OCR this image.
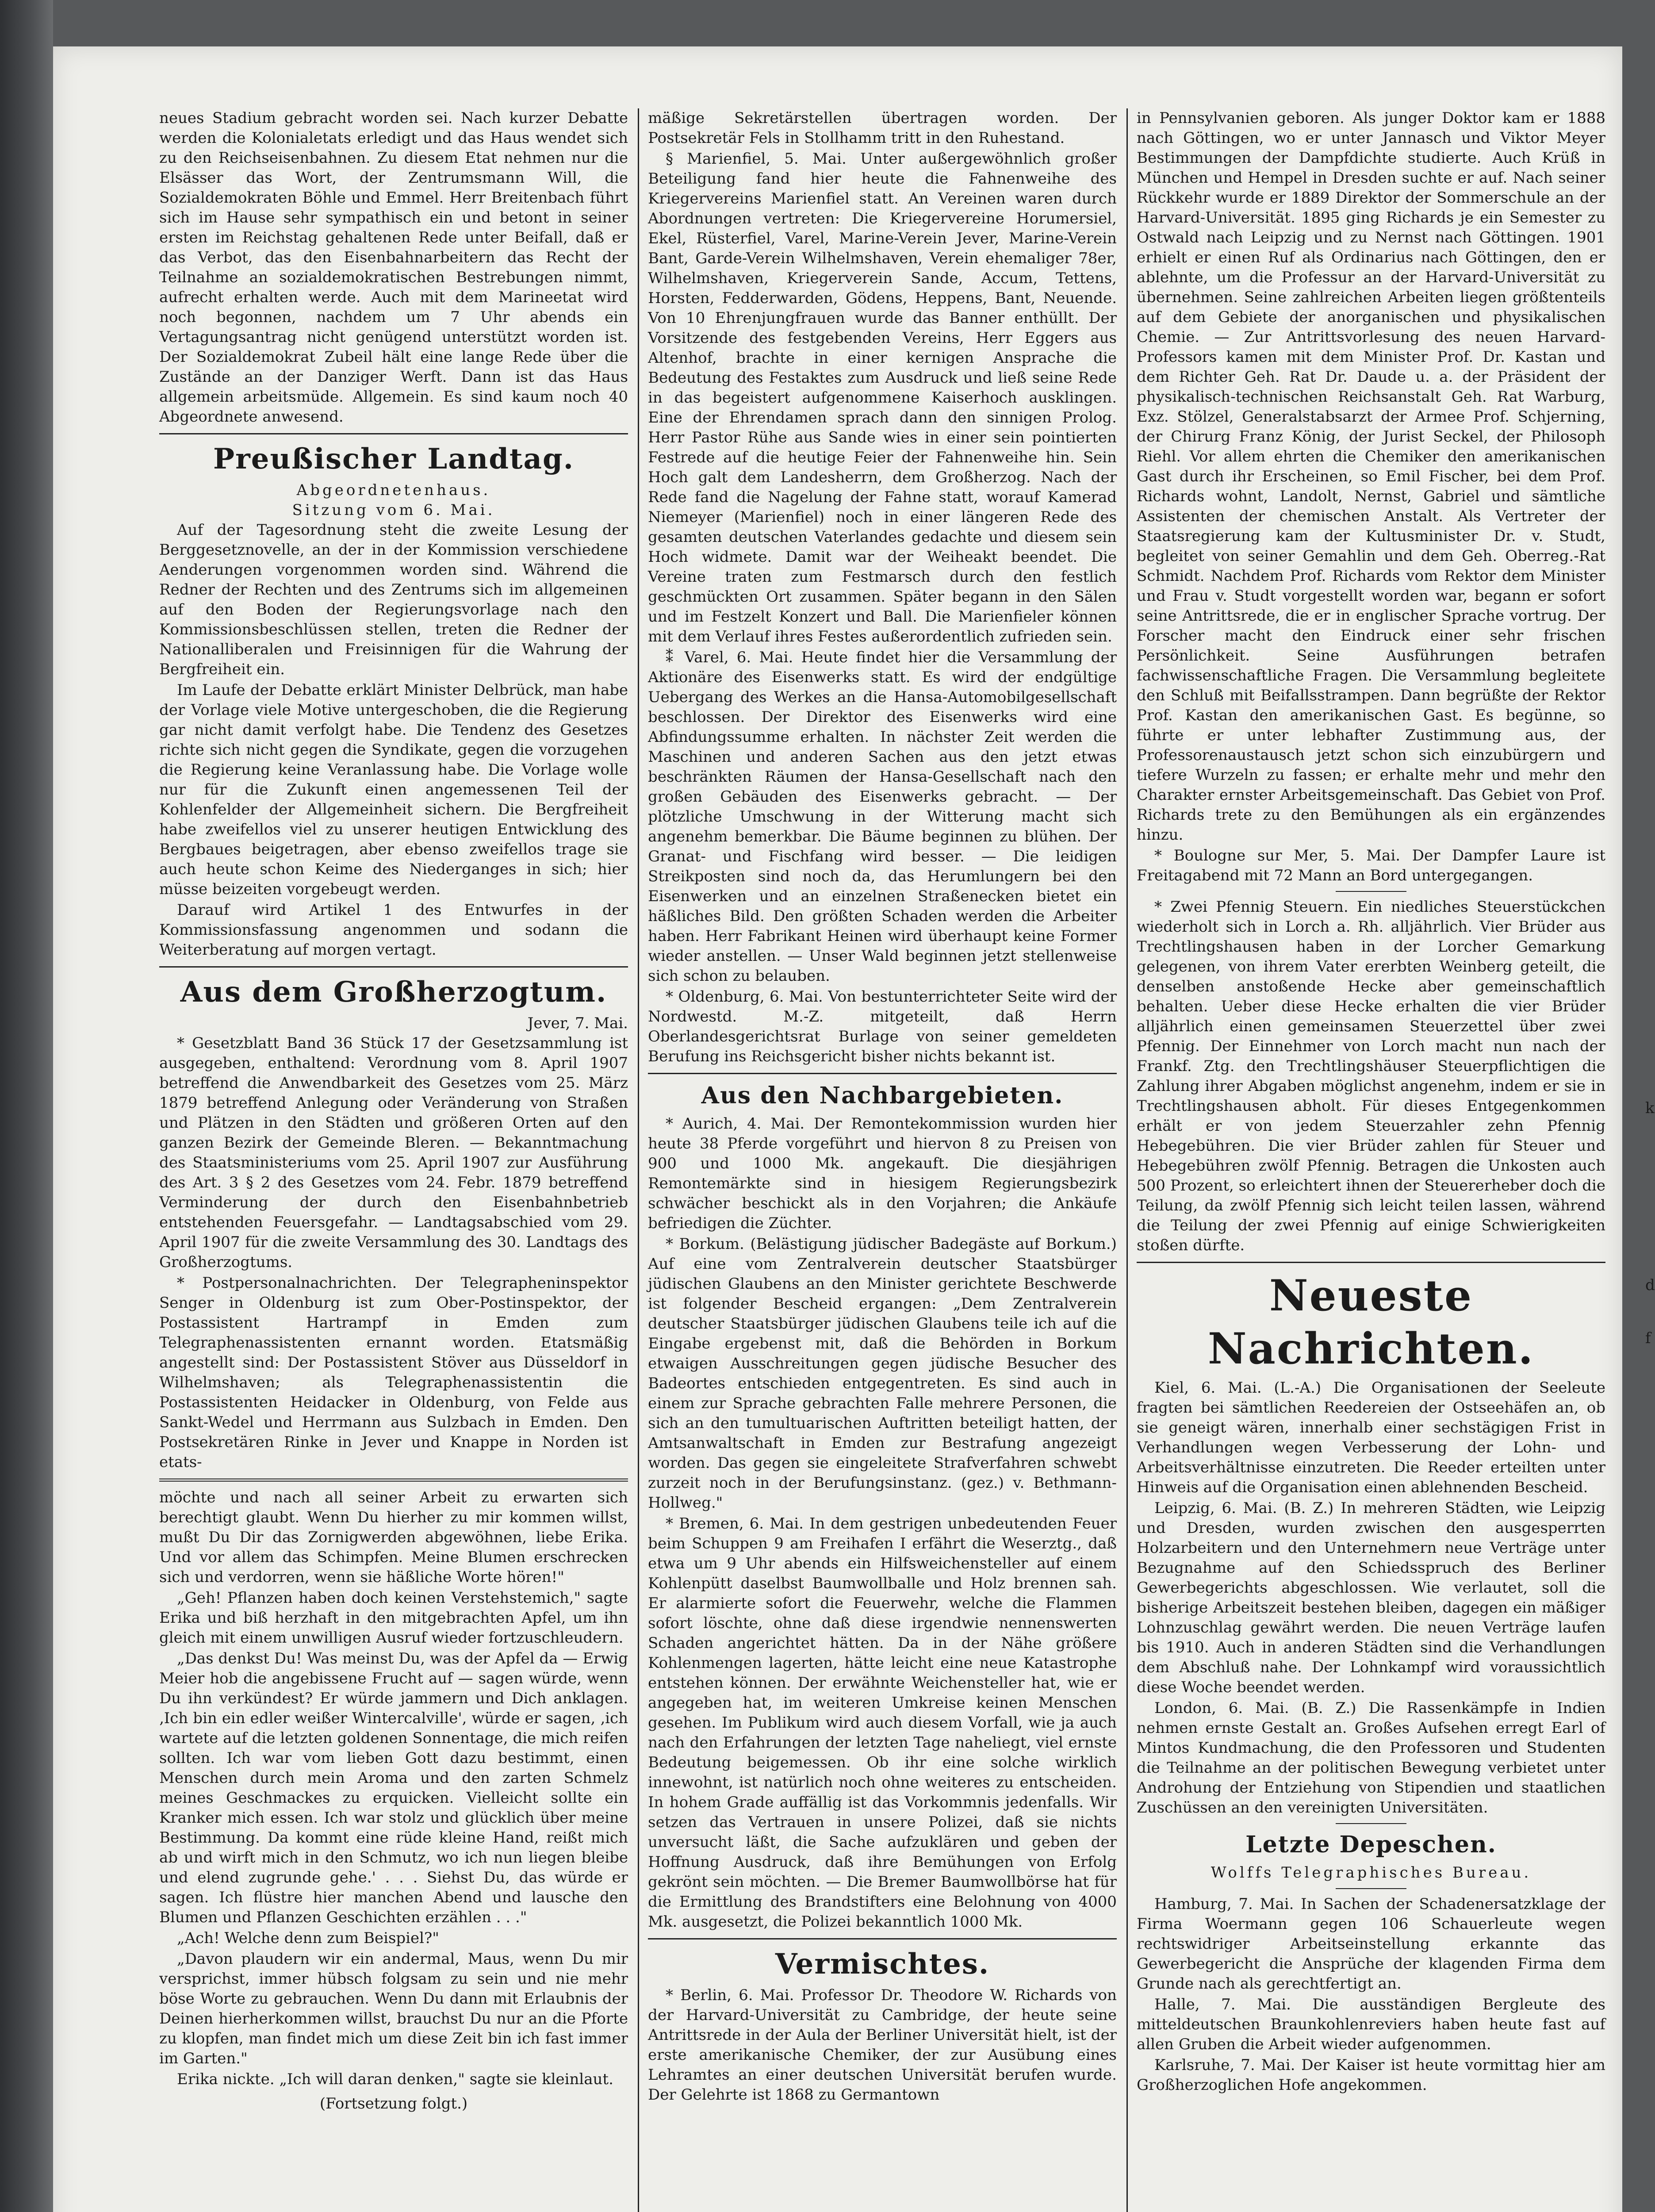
neues Stadium gebracht worden sei. Nach kurzer Debatte werden die Kolonialetats erledigt und das Haus wendet sich zu den Reichseisenbahnen. Zu diesem Etat nehmen nur die Elsässer das Wort, der Zentrumsmann Will, die Sozialdemokraten Böhle und Emmel. Herr Breitenbach führt sich im Hause sehr sympathisch ein und betont in seiner ersten im Reichstag gehaltenen Rede unter Beifall, daß er das Verbot, das den Eisenbahnarbeitern das Recht der Teilnahme an sozialdemokratischen Bestrebungen nimmt, aufrecht erhalten werde. Auch mit dem Marineetat wird noch begonnen, nachdem um 7 Uhr abends ein Vertagungsantrag nicht genügend unterstützt worden ist. Der Sozialdemokrat Zubeil hält eine lange Rede über die Zustände an der Danziger Werft. Dann ist das Haus allgemein arbeitsmüde. Allgemein. Es sind kaum noch 40 Abgeordnete anwesend.

Preußischer Landtag.

Abgeordnetenhaus.

Sitzung vom 6. Mai.

Auf der Tagesordnung steht die zweite Lesung der Berggesetznovelle, an der in der Kommission verschiedene Aenderungen vorgenommen worden sind. Während die Redner der Rechten und des Zentrums sich im allgemeinen auf den Boden der Regierungsvorlage nach den Kommissionsbeschlüssen stellen, treten die Redner der Nationalliberalen und Freisinnigen für die Wahrung der Bergfreiheit ein.

Im Laufe der Debatte erklärt Minister Delbrück, man habe der Vorlage viele Motive untergeschoben, die die Regierung gar nicht damit verfolgt habe. Die Tendenz des Gesetzes richte sich nicht gegen die Syndikate, gegen die vorzugehen die Regierung keine Veranlassung habe. Die Vorlage wolle nur für die Zukunft einen angemessenen Teil der Kohlenfelder der Allgemeinheit sichern. Die Bergfreiheit habe zweifellos viel zu unserer heutigen Entwicklung des Bergbaues beigetragen, aber ebenso zweifellos trage sie auch heute schon Keime des Niederganges in sich; hier müsse beizeiten vorgebeugt werden.

Darauf wird Artikel 1 des Entwurfes in der Kommissionsfassung angenommen und sodann die Weiterberatung auf morgen vertagt.

Aus dem Großherzogtum.

Jever, 7. Mai.

* Gesetzblatt Band 36 Stück 17 der Gesetzsammlung ist ausgegeben, enthaltend: Verordnung vom 8. April 1907 betreffend die Anwendbarkeit des Gesetzes vom 25. März 1879 betreffend Anlegung oder Veränderung von Straßen und Plätzen in den Städten und größeren Orten auf den ganzen Bezirk der Gemeinde Bleren. — Bekanntmachung des Staatsministeriums vom 25. April 1907 zur Ausführung des Art. 3 § 2 des Gesetzes vom 24. Febr. 1879 betreffend Verminderung der durch den Eisenbahnbetrieb entstehenden Feuersgefahr. — Landtagsabschied vom 29. April 1907 für die zweite Versammlung des 30. Landtags des Großherzogtums.

* Postpersonalnachrichten. Der Telegrapheninspektor Senger in Oldenburg ist zum Ober-Postinspektor, der Postassistent Hartrampf in Emden zum Telegraphenassistenten ernannt worden. Etatsmäßig angestellt sind: Der Postassistent Stöver aus Düsseldorf in Wilhelmshaven; als Telegraphenassistentin die Postassistenten Heidacker in Oldenburg, von Felde aus Sankt-Wedel und Herrmann aus Sulzbach in Emden. Den Postsekretären Rinke in Jever und Knappe in Norden ist etats-

möchte und nach all seiner Arbeit zu erwarten sich berechtigt glaubt. Wenn Du hierher zu mir kommen willst, mußt Du Dir das Zornigwerden abgewöhnen, liebe Erika. Und vor allem das Schimpfen. Meine Blumen erschrecken sich und verdorren, wenn sie häßliche Worte hören!"

„Geh! Pflanzen haben doch keinen Verstehstemich," sagte Erika und biß herzhaft in den mitgebrachten Apfel, um ihn gleich mit einem unwilligen Ausruf wieder fortzuschleudern.

„Das denkst Du! Was meinst Du, was der Apfel da — Erwig Meier hob die angebissene Frucht auf — sagen würde, wenn Du ihn verkündest? Er würde jammern und Dich anklagen. ‚Ich bin ein edler weißer Wintercalville', würde er sagen, ‚ich wartete auf die letzten goldenen Sonnentage, die mich reifen sollten. Ich war vom lieben Gott dazu bestimmt, einen Menschen durch mein Aroma und den zarten Schmelz meines Geschmackes zu erquicken. Vielleicht sollte ein Kranker mich essen. Ich war stolz und glücklich über meine Bestimmung. Da kommt eine rüde kleine Hand, reißt mich ab und wirft mich in den Schmutz, wo ich nun liegen bleibe und elend zugrunde gehe.' . . . Siehst Du, das würde er sagen. Ich flüstre hier manchen Abend und lausche den Blumen und Pflanzen Geschichten erzählen . . ."

„Ach! Welche denn zum Beispiel?"

„Davon plaudern wir ein andermal, Maus, wenn Du mir versprichst, immer hübsch folgsam zu sein und nie mehr böse Worte zu gebrauchen. Wenn Du dann mit Erlaubnis der Deinen hierherkommen willst, brauchst Du nur an die Pforte zu klopfen, man findet mich um diese Zeit bin ich fast immer im Garten."

Erika nickte. „Ich will daran denken," sagte sie kleinlaut.

(Fortsetzung folgt.)

mäßige Sekretärstellen übertragen worden. Der Postsekretär Fels in Stollhamm tritt in den Ruhestand.

§ Marienfiel, 5. Mai. Unter außergewöhnlich großer Beteiligung fand hier heute die Fahnenweihe des Kriegervereins Marienfiel statt. An Vereinen waren durch Abordnungen vertreten: Die Kriegervereine Horumersiel, Ekel, Rüsterfiel, Varel, Marine-Verein Jever, Marine-Verein Bant, Garde-Verein Wilhelmshaven, Verein ehemaliger 78er, Wilhelmshaven, Kriegerverein Sande, Accum, Tettens, Horsten, Fedderwarden, Gödens, Heppens, Bant, Neuende. Von 10 Ehrenjungfrauen wurde das Banner enthüllt. Der Vorsitzende des festgebenden Vereins, Herr Eggers aus Altenhof, brachte in einer kernigen Ansprache die Bedeutung des Festaktes zum Ausdruck und ließ seine Rede in das begeistert aufgenommene Kaiserhoch ausklingen. Eine der Ehrendamen sprach dann den sinnigen Prolog. Herr Pastor Rühe aus Sande wies in einer sein pointierten Festrede auf die heutige Feier der Fahnenweihe hin. Sein Hoch galt dem Landesherrn, dem Großherzog. Nach der Rede fand die Nagelung der Fahne statt, worauf Kamerad Niemeyer (Marienfiel) noch in einer längeren Rede des gesamten deutschen Vaterlandes gedachte und diesem sein Hoch widmete. Damit war der Weiheakt beendet. Die Vereine traten zum Festmarsch durch den festlich geschmückten Ort zusammen. Später begann in den Sälen und im Festzelt Konzert und Ball. Die Marienfieler können mit dem Verlauf ihres Festes außerordentlich zufrieden sein.

⁑ Varel, 6. Mai. Heute findet hier die Versammlung der Aktionäre des Eisenwerks statt. Es wird der endgültige Uebergang des Werkes an die Hansa-Automobilgesellschaft beschlossen. Der Direktor des Eisenwerks wird eine Abfindungssumme erhalten. In nächster Zeit werden die Maschinen und anderen Sachen aus den jetzt etwas beschränkten Räumen der Hansa-Gesellschaft nach den großen Gebäuden des Eisenwerks gebracht. — Der plötzliche Umschwung in der Witterung macht sich angenehm bemerkbar. Die Bäume beginnen zu blühen. Der Granat- und Fischfang wird besser. — Die leidigen Streikposten sind noch da, das Herumlungern bei den Eisenwerken und an einzelnen Straßenecken bietet ein häßliches Bild. Den größten Schaden werden die Arbeiter haben. Herr Fabrikant Heinen wird überhaupt keine Former wieder anstellen. — Unser Wald beginnen jetzt stellenweise sich schon zu belauben.

* Oldenburg, 6. Mai. Von bestunterrichteter Seite wird der Nordwestd. M.-Z. mitgeteilt, daß Herrn Oberlandesgerichtsrat Burlage von seiner gemeldeten Berufung ins Reichsgericht bisher nichts bekannt ist.

Aus den Nachbargebieten.

* Aurich, 4. Mai. Der Remontekommission wurden hier heute 38 Pferde vorgeführt und hiervon 8 zu Preisen von 900 und 1000 Mk. angekauft. Die diesjährigen Remontemärkte sind in hiesigem Regierungsbezirk schwächer beschickt als in den Vorjahren; die Ankäufe befriedigen die Züchter.

* Borkum. (Belästigung jüdischer Badegäste auf Borkum.) Auf eine vom Zentralverein deutscher Staatsbürger jüdischen Glaubens an den Minister gerichtete Beschwerde ist folgender Bescheid ergangen: „Dem Zentralverein deutscher Staatsbürger jüdischen Glaubens teile ich auf die Eingabe ergebenst mit, daß die Behörden in Borkum etwaigen Ausschreitungen gegen jüdische Besucher des Badeortes entschieden entgegentreten. Es sind auch in einem zur Sprache gebrachten Falle mehrere Personen, die sich an den tumultuarischen Auftritten beteiligt hatten, der Amtsanwaltschaft in Emden zur Bestrafung angezeigt worden. Das gegen sie eingeleitete Strafverfahren schwebt zurzeit noch in der Berufungsinstanz. (gez.) v. Bethmann-Hollweg."

* Bremen, 6. Mai. In dem gestrigen unbedeutenden Feuer beim Schuppen 9 am Freihafen I erfährt die Weserztg., daß etwa um 9 Uhr abends ein Hilfsweichensteller auf einem Kohlenpütt daselbst Baumwollballe und Holz brennen sah. Er alarmierte sofort die Feuerwehr, welche die Flammen sofort löschte, ohne daß diese irgendwie nennenswerten Schaden angerichtet hätten. Da in der Nähe größere Kohlenmengen lagerten, hätte leicht eine neue Katastrophe entstehen können. Der erwähnte Weichensteller hat, wie er angegeben hat, im weiteren Umkreise keinen Menschen gesehen. Im Publikum wird auch diesem Vorfall, wie ja auch nach den Erfahrungen der letzten Tage naheliegt, viel ernste Bedeutung beigemessen. Ob ihr eine solche wirklich innewohnt, ist natürlich noch ohne weiteres zu entscheiden. In hohem Grade auffällig ist das Vorkommnis jedenfalls. Wir setzen das Vertrauen in unsere Polizei, daß sie nichts unversucht läßt, die Sache aufzuklären und geben der Hoffnung Ausdruck, daß ihre Bemühungen von Erfolg gekrönt sein möchten. — Die Bremer Baumwollbörse hat für die Ermittlung des Brandstifters eine Belohnung von 4000 Mk. ausgesetzt, die Polizei bekanntlich 1000 Mk.

Vermischtes.

* Berlin, 6. Mai. Professor Dr. Theodore W. Richards von der Harvard-Universität zu Cambridge, der heute seine Antrittsrede in der Aula der Berliner Universität hielt, ist der erste amerikanische Chemiker, der zur Ausübung eines Lehramtes an einer deutschen Universität berufen wurde. Der Gelehrte ist 1868 zu Germantown

in Pennsylvanien geboren. Als junger Doktor kam er 1888 nach Göttingen, wo er unter Jannasch und Viktor Meyer Bestimmungen der Dampfdichte studierte. Auch Krüß in München und Hempel in Dresden suchte er auf. Nach seiner Rückkehr wurde er 1889 Direktor der Sommerschule an der Harvard-Universität. 1895 ging Richards je ein Semester zu Ostwald nach Leipzig und zu Nernst nach Göttingen. 1901 erhielt er einen Ruf als Ordinarius nach Göttingen, den er ablehnte, um die Professur an der Harvard-Universität zu übernehmen. Seine zahlreichen Arbeiten liegen größtenteils auf dem Gebiete der anorganischen und physikalischen Chemie. — Zur Antrittsvorlesung des neuen Harvard-Professors kamen mit dem Minister Prof. Dr. Kastan und dem Richter Geh. Rat Dr. Daude u. a. der Präsident der physikalisch-technischen Reichsanstalt Geh. Rat Warburg, Exz. Stölzel, Generalstabsarzt der Armee Prof. Schjerning, der Chirurg Franz König, der Jurist Seckel, der Philosoph Riehl. Vor allem ehrten die Chemiker den amerikanischen Gast durch ihr Erscheinen, so Emil Fischer, bei dem Prof. Richards wohnt, Landolt, Nernst, Gabriel und sämtliche Assistenten der chemischen Anstalt. Als Vertreter der Staatsregierung kam der Kultusminister Dr. v. Studt, begleitet von seiner Gemahlin und dem Geh. Oberreg.-Rat Schmidt. Nachdem Prof. Richards vom Rektor dem Minister und Frau v. Studt vorgestellt worden war, begann er sofort seine Antrittsrede, die er in englischer Sprache vortrug. Der Forscher macht den Eindruck einer sehr frischen Persönlichkeit. Seine Ausführungen betrafen fachwissenschaftliche Fragen. Die Versammlung begleitete den Schluß mit Beifallsstrampen. Dann begrüßte der Rektor Prof. Kastan den amerikanischen Gast. Es begünne, so führte er unter lebhafter Zustimmung aus, der Professorenaustausch jetzt schon sich einzubürgern und tiefere Wurzeln zu fassen; er erhalte mehr und mehr den Charakter ernster Arbeitsgemeinschaft. Das Gebiet von Prof. Richards trete zu den Bemühungen als ein ergänzendes hinzu.

* Boulogne sur Mer, 5. Mai. Der Dampfer Laure ist Freitagabend mit 72 Mann an Bord untergegangen.

* Zwei Pfennig Steuern. Ein niedliches Steuerstückchen wiederholt sich in Lorch a. Rh. alljährlich. Vier Brüder aus Trechtlingshausen haben in der Lorcher Gemarkung gelegenen, von ihrem Vater ererbten Weinberg geteilt, die denselben anstoßende Hecke aber gemeinschaftlich behalten. Ueber diese Hecke erhalten die vier Brüder alljährlich einen gemeinsamen Steuerzettel über zwei Pfennig. Der Einnehmer von Lorch macht nun nach der Frankf. Ztg. den Trechtlingshäuser Steuerpflichtigen die Zahlung ihrer Abgaben möglichst angenehm, indem er sie in Trechtlingshausen abholt. Für dieses Entgegenkommen erhält er von jedem Steuerzahler zehn Pfennig Hebegebühren. Die vier Brüder zahlen für Steuer und Hebegebühren zwölf Pfennig. Betragen die Unkosten auch 500 Prozent, so erleichtert ihnen der Steuererheber doch die Teilung, da zwölf Pfennig sich leicht teilen lassen, während die Teilung der zwei Pfennig auf einige Schwierigkeiten stoßen dürfte.

Neueste Nachrichten.

Kiel, 6. Mai. (L.-A.) Die Organisationen der Seeleute fragten bei sämtlichen Reedereien der Ostseehäfen an, ob sie geneigt wären, innerhalb einer sechstägigen Frist in Verhandlungen wegen Verbesserung der Lohn- und Arbeitsverhältnisse einzutreten. Die Reeder erteilten unter Hinweis auf die Organisation einen ablehnenden Bescheid.

Leipzig, 6. Mai. (B. Z.) In mehreren Städten, wie Leipzig und Dresden, wurden zwischen den ausgesperrten Holzarbeitern und den Unternehmern neue Verträge unter Bezugnahme auf den Schiedsspruch des Berliner Gewerbegerichts abgeschlossen. Wie verlautet, soll die bisherige Arbeitszeit bestehen bleiben, dagegen ein mäßiger Lohnzuschlag gewährt werden. Die neuen Verträge laufen bis 1910. Auch in anderen Städten sind die Verhandlungen dem Abschluß nahe. Der Lohnkampf wird voraussichtlich diese Woche beendet werden.

London, 6. Mai. (B. Z.) Die Rassenkämpfe in Indien nehmen ernste Gestalt an. Großes Aufsehen erregt Earl of Mintos Kundmachung, die den Professoren und Studenten die Teilnahme an der politischen Bewegung verbietet unter Androhung der Entziehung von Stipendien und staatlichen Zuschüssen an den vereinigten Universitäten.

Letzte Depeschen.

Wolffs Telegraphisches Bureau.

Hamburg, 7. Mai. In Sachen der Schadenersatzklage der Firma Woermann gegen 106 Schauerleute wegen rechtswidriger Arbeitseinstellung erkannte das Gewerbegericht die Ansprüche der klagenden Firma dem Grunde nach als gerechtfertigt an.

Halle, 7. Mai. Die ausständigen Bergleute des mitteldeutschen Braunkohlenreviers haben heute fast auf allen Gruben die Arbeit wieder aufgenommen.

Karlsruhe, 7. Mai. Der Kaiser ist heute vormittag hier am Großherzoglichen Hofe angekommen.

k
d
f
